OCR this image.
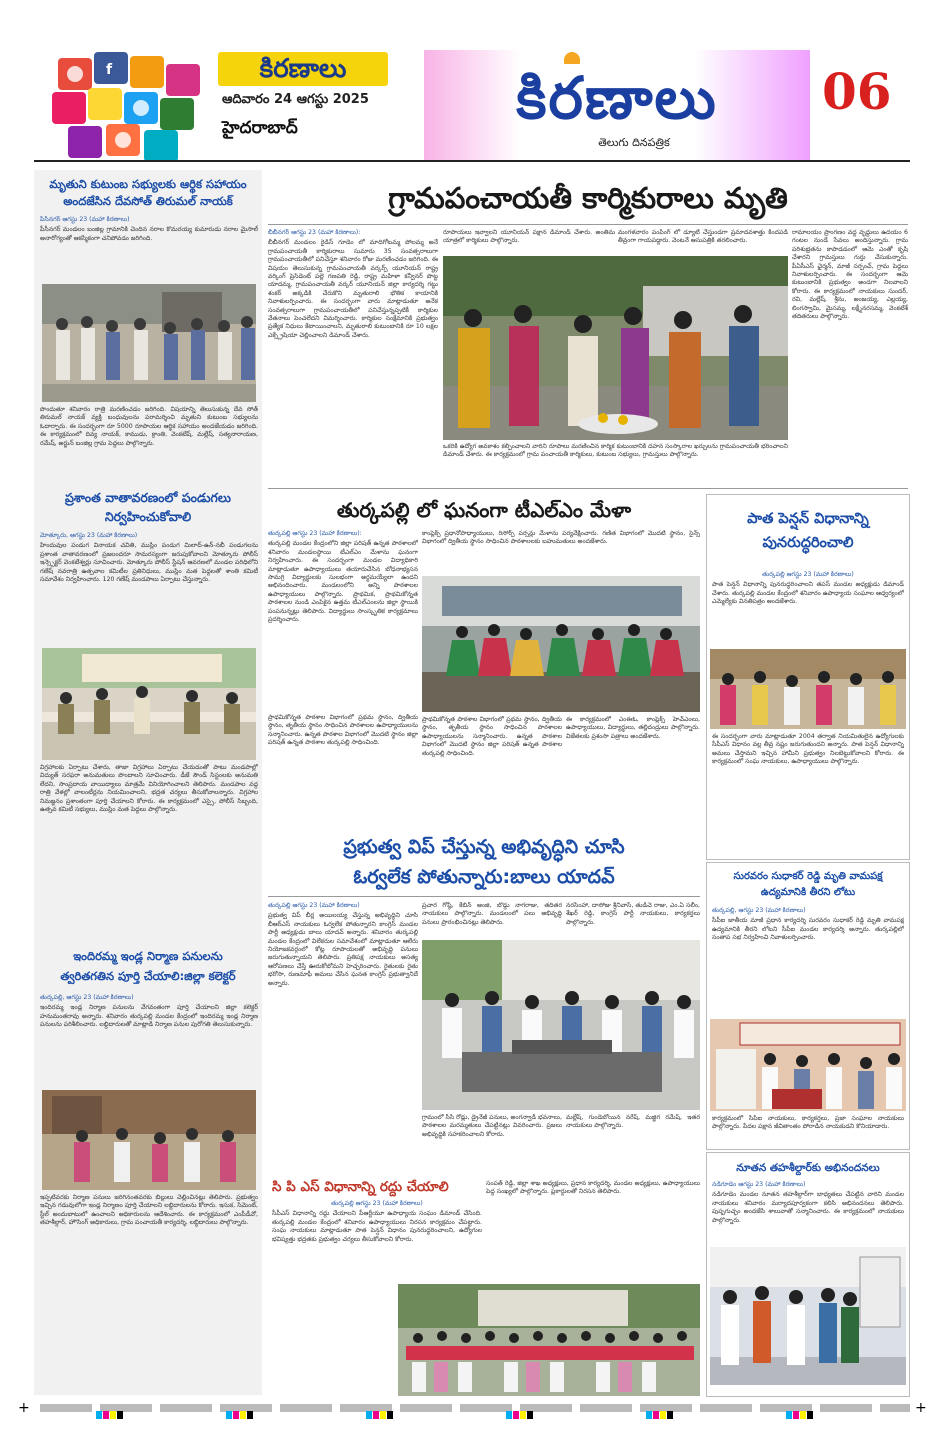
f	కిరణాలు
ఆదివారం 24 ఆగస్టు 2025
హైదరాబాద్	కిరణాలు
తెలుగు దినపత్రిక
06
మృతుని కుటుంబ సభ్యులకు ఆర్థిక సహాయం
అందజేసిన దేవసోత్ తిరుమల్ నాయక్
పీసీనగర్ ఆగస్టు 23 (మహా కిరణాలు)
పీసీనగర్ మండలం బంజిల్ల గ్రామానికి చెందిన నరాల కొమరయ్య కుమారుడు నరాల మైసాల్ అనారోగ్యంతో ఆకస్మికంగా చనిపోవడం జరిగింది.
పొందుతూ శనివారం రాత్రి మరణించడం జరిగింది. విషయాన్ని తెలుసుకున్న దేవ సోత్ తిరుమల్ నాయక్ వ్యక్తి బంధువులను పరామర్శించి మృతుని కుటుంబ సభ్యులను ఓదార్చారు. ఈ సందర్భంగా రూ 5000 రూపాయల ఆర్థిక సహాయం అందజేయడం జరిగింది. ఈ కార్యక్రమంలో దివ్య నాయక్, కాముడు, క్రాంతి, వెంకటేష్, మల్లేష్, సత్యనారాయణ, రమేష్, అర్జున్ బంజిల్ల గ్రామ పెద్దలు పాల్గొన్నారు.
ప్రశాంత వాతావరణంలో పండుగలు
నిర్వహించుకోవాలి
మోత్కూరు, ఆగస్టు 23 (మహా కిరణాలు)
హిందువుల పండుగ వినాయక చవితి, ముస్లిం పండుగ మిలాద్-ఉన్-నబీ పండుగలను ప్రశాంత వాతావరణంలో ప్రజలందరూ సామరస్యంగా జరుపుకోవాలని మోత్కూరు పోలీస్ ఇన్స్పెక్టర్ వెంకటేశ్వర్లు సూచించారు. మోత్కూరు పోలీస్ స్టేషన్ ఆవరణలో మండల పరిధిలోని గణేష్ నవరాత్రి ఉత్సవాల కమిటీల ప్రతినిధులు, ముస్లిం మత పెద్దలతో శాంతి కమిటీ సమావేశం నిర్వహించారు. 120 గణేష్ మండపాలు ఏర్పాటు చేస్తున్నారు.
విగ్రహాలకు ఏర్పాటు చేశారు, తాజా విగ్రహాలు ఏర్పాటు చేయడంతో పాటు మండపాల్లో విద్యుత్ సరఫరా అనుమతులు పొందాలని సూచించారు. డీజే సౌండ్ సిస్టంలకు అనుమతి లేదని, సాంప్రదాయ వాయిద్యాలు మాత్రమే వినియోగించాలని తెలిపారు. మండపాల వద్ద రాత్రి వేళల్లో వాలంటీర్లను నియమించాలని, భద్రత చర్యలు తీసుకోవాలన్నారు. విగ్రహాల నిమజ్జనం ప్రశాంతంగా పూర్తి చేయాలని కోరారు. ఈ కార్యక్రమంలో ఎస్సై, పోలీస్ సిబ్బంది, ఉత్సవ కమిటీ సభ్యులు, ముస్లిం మత పెద్దలు పాల్గొన్నారు.
ఇందిరమ్మ ఇండ్ల నిర్మాణ పనులను
త్వరితగతిన పూర్తి చేయాలి:జిల్లా కలెక్టర్
తుర్కపల్లి, ఆగస్టు 23 (మహా కిరణాలు)
ఇందిరమ్మ ఇండ్ల నిర్మాణ పనులను వేగవంతంగా పూర్తి చేయాలని జిల్లా కలెక్టర్ హనుమంతరావు అన్నారు. శనివారం తుర్కపల్లి మండల కేంద్రంలో ఇందిరమ్మ ఇండ్ల నిర్మాణ పనులను పరిశీలించారు. లబ్ధిదారులతో మాట్లాడి నిర్మాణ పనుల పురోగతి తెలుసుకున్నారు.
ఇప్పటివరకు నిర్మాణ పనులు జరిగినంతవరకు బిల్లులు చెల్లించినట్లు తెలిపారు. ప్రభుత్వం ఇచ్చిన గడువులోగా ఇండ్ల నిర్మాణం పూర్తి చేయాలని లబ్ధిదారులను కోరారు. ఇసుక, సిమెంట్, స్టీల్ అందుబాటులో ఉంచాలని అధికారులను ఆదేశించారు. ఈ కార్యక్రమంలో ఎంపీడీవో, తహశీల్దార్, హౌసింగ్ అధికారులు, గ్రామ పంచాయతీ కార్యదర్శి, లబ్ధిదారులు పాల్గొన్నారు.
గ్రామపంచాయతీ కార్మికురాలు మృతి
బీబీనగర్ ఆగస్టు 23 (మహా కిరణాలు):
బీబీనగర్ మండలం రైడిస్ గూడెం లో మాదిగోటమ్మ పోలమ్మ అనే గ్రామపంచాయతీ కార్మికురాలు సుమారు 35 సంవత్సరాలుగా గ్రామపంచాయతీలో పనిచేస్తూ శనివారం రోజు మరణించడం జరిగింది. ఈ విషయం తెలుసుకున్న గ్రామపంచాయతీ వర్కర్స్ యూనియన్ రాష్ట్ర వర్కింగ్ ప్రెసిడెంట్ పల్లె గణపతి రెడ్డి, రాష్ట్ర మహిళా కన్వీనర్ పొట్ట యాదమ్మ, గ్రామపంచాయతీ వర్కర్ యూనియన్ జిల్లా కార్యదర్శి గట్టు శంకర్ అక్కడికి చేరుకొని మృతురాలి భౌతిక కాయానికి నివాళులర్పించారు. ఈ సందర్భంగా వారు మాట్లాడుతూ అనేక సంవత్సరాలుగా గ్రామపంచాయతీలో పనిచేస్తున్నప్పటికీ కార్మికుల వేతనాలు పెంచలేదని విమర్శించారు. కార్మికుల సంక్షేమానికి ప్రభుత్వం ప్రత్యేక నిధులు కేటాయించాలని, మృతురాలి కుటుంబానికి రూ 10 లక్షల ఎక్స్గ్రేషియా చెల్లించాలని డిమాండ్ చేశారు.
రూపాయలు ఇవ్వాలని యూనియన్ పక్షాన డిమాండ్ చేశారు. అంతిమ యాత్రలో కార్మికులు పాల్గొన్నారు.
మంగళవారం పంపింగ్ లో డ్యూటీ చేస్తుండగా ప్రమాదవశాత్తు కిందపడి తీవ్రంగా గాయపడ్డారు. వెంటనే ఆసుపత్రికి తరలించారు.
ఒకరికి ఉద్యోగ అవకాశం కల్పించాలని వారిని రూపాలు మరణించిన కార్మిక కుటుంబానికి దహన సంస్కారాల ఖర్చులను గ్రామపంచాయతీ భరించాలని డిమాండ్ చేశారు. ఈ కార్యక్రమంలో గ్రామ పంచాయతీ కార్మికులు, కుటుంబ సభ్యులు, గ్రామస్తులు పాల్గొన్నారు.
రామాలయం ప్రాంగణం వద్ద వృద్ధులు ఉదయం 6 గంటల నుండే సేవలు అందిస్తున్నారు. గ్రామ పరిశుభ్రతను కాపాడడంలో ఆమె ఎంతో కృషి చేశారని గ్రామస్తులు గుర్తు చేసుకున్నారు. పీఏసీఎస్ ఛైర్మన్, మాజీ సర్పంచ్, గ్రామ పెద్దలు నివాళులర్పించారు. ఈ సందర్భంగా ఆమె కుటుంబానికి ప్రభుత్వం అండగా నిలవాలని కోరారు. ఈ కార్యక్రమంలో నాయకులు సుందర్, రవి, మల్లేష్, శ్రీను, అంజయ్య, ఎల్లయ్య, లింగస్వామి, మైసమ్మ, లక్ష్మీనరసమ్మ, వెంకటేశ్ తదితరులు పాల్గొన్నారు.
తుర్కపల్లి లో ఘనంగా టీఎల్ఎం మేళా
తుర్కపల్లి ఆగస్టు 23 (మహా కిరణాలు):
తుర్కపల్లి మండల కేంద్రంలోని జిల్లా పరిషత్ ఉన్నత పాఠశాలలో శనివారం మండలస్థాయి టీఎల్ఎం మేళాను ఘనంగా నిర్వహించారు. ఈ సందర్భంగా మండల విద్యాధికారి మాట్లాడుతూ ఉపాధ్యాయులు తయారుచేసిన బోధనాభ్యసన సామగ్రి విద్యార్థులకు సులభంగా అర్థమయ్యేలా ఉందని అభినందించారు. మండలంలోని అన్ని పాఠశాలల ఉపాధ్యాయులు పాల్గొన్నారు. ప్రాథమిక, ప్రాథమికోన్నత పాఠశాలల నుండి ఎంపికైన ఉత్తమ టీఎల్ఎంలను జిల్లా స్థాయికి పంపనున్నట్లు తెలిపారు. విద్యార్థులు సాంస్కృతిక కార్యక్రమాలు ప్రదర్శించారు.
కాంప్లెక్స్ ప్రధానోపాధ్యాయులు, రిసోర్స్ పర్సన్లు మేళాను పర్యవేక్షించారు. గణిత విభాగంలో మొదటి స్థానం, సైన్స్ విభాగంలో ద్వితీయ స్థానం సాధించిన పాఠశాలలకు బహుమతులు అందజేశారు.
ప్రాథమికోన్నత పాఠశాల విభాగంలో ప్రథమ స్థానం, ద్వితీయ స్థానం, తృతీయ స్థానం సాధించిన పాఠశాలల ఉపాధ్యాయులను సన్మానించారు. ఉన్నత పాఠశాల విభాగంలో మొదటి స్థానం జిల్లా పరిషత్ ఉన్నత పాఠశాల తుర్కపల్లి సాధించింది.
ఈ కార్యక్రమంలో ఎంఈఓ, కాంప్లెక్స్ హెచ్ఎంలు, ఉపాధ్యాయులు, విద్యార్థులు, తల్లిదండ్రులు పాల్గొన్నారు. విజేతలకు ప్రశంసా పత్రాలు అందజేశారు.
ప్రాథమికోన్నత పాఠశాల విభాగంలో ప్రథమ స్థానం, ద్వితీయ స్థానం, తృతీయ స్థానం సాధించిన పాఠశాలల ఉపాధ్యాయులను సన్మానించారు. ఉన్నత పాఠశాల విభాగంలో మొదటి స్థానం జిల్లా పరిషత్ ఉన్నత పాఠశాల తుర్కపల్లి సాధించింది.
పాత పెన్షన్ విధానాన్ని
పునరుద్ధరించాలి
తుర్కపల్లి ఆగస్టు 23 (మహా కిరణాలు)
పాత పెన్షన్ విధానాన్ని పునరుద్ధరించాలని తపస్ మండల అధ్యక్షుడు డిమాండ్ చేశారు. తుర్కపల్లి మండల కేంద్రంలో శనివారం ఉపాధ్యాయ సంఘాల ఆధ్వర్యంలో ఎమ్మెల్యేకు వినతిపత్రం అందజేశారు.
ఈ సందర్భంగా వారు మాట్లాడుతూ 2004 తర్వాత నియమితులైన ఉద్యోగులకు సీపీఎస్ విధానం వల్ల తీవ్ర నష్టం జరుగుతుందని అన్నారు. పాత పెన్షన్ విధానాన్ని అమలు చేస్తామని ఇచ్చిన హామీని ప్రభుత్వం నిలబెట్టుకోవాలని కోరారు. ఈ కార్యక్రమంలో సంఘ నాయకులు, ఉపాధ్యాయులు పాల్గొన్నారు.
సురవరం సుధాకర్ రెడ్డి మృతి వామపక్ష
ఉద్యమానికి తీరని లోటు
తుర్కపల్లి, ఆగస్టు 23 (మహా కిరణాలు)
సీపీఐ జాతీయ మాజీ ప్రధాన కార్యదర్శి సురవరం సుధాకర్ రెడ్డి మృతి వామపక్ష ఉద్యమానికి తీరని లోటని సీపీఐ మండల కార్యదర్శి అన్నారు. తుర్కపల్లిలో సంతాప సభ నిర్వహించి నివాళులర్పించారు.
కార్యక్రమంలో సీపీఐ నాయకులు, కార్యకర్తలు, ప్రజా సంఘాల నాయకులు పాల్గొన్నారు. పేదల పక్షాన జీవితాంతం పోరాడిన నాయకుడని కొనియాడారు.
నూతన తహశీల్దార్‌కు అభినందనలు
నడిగూడెం ఆగస్టు 23 (మహా కిరణాలు)
నడిగూడెం మండల నూతన తహశీల్దార్‌గా బాధ్యతలు చేపట్టిన వారిని మండల నాయకులు శనివారం మర్యాదపూర్వకంగా కలిసి అభినందనలు తెలిపారు. పుష్పగుచ్ఛం అందజేసి శాలువాతో సన్మానించారు. ఈ కార్యక్రమంలో నాయకులు పాల్గొన్నారు.
ప్రభుత్వ విప్ చేస్తున్న అభివృద్ధిని చూసి
ఓర్వలేక పోతున్నారు:బాలు యాదవ్
తుర్కపల్లి ఆగస్టు 23 (మహా కిరణాలు)
ప్రభుత్వ విప్ బీర్ల అయిలయ్య చేస్తున్న అభివృద్ధిని చూసి బీఆర్ఎస్ నాయకులు ఓర్వలేక పోతున్నారని కాంగ్రెస్ మండల పార్టీ అధ్యక్షుడు బాలు యాదవ్ అన్నారు. శనివారం తుర్కపల్లి మండల కేంద్రంలో విలేకరుల సమావేశంలో మాట్లాడుతూ ఆలేరు నియోజకవర్గంలో కోట్ల రూపాయలతో అభివృద్ధి పనులు జరుగుతున్నాయని తెలిపారు. ప్రతిపక్ష నాయకులు అసత్య ఆరోపణలు చేస్తే ఊరుకోబోమని హెచ్చరించారు. రైతులకు రైతు భరోసా, రుణమాఫీ అమలు చేసిన ఘనత కాంగ్రెస్ ప్రభుత్వానిదే అన్నారు.
ప్రచార గోష్ఠి, కేబిన్ అంజి, బొడ్డు నాగరాజు, తదితర నాయకులు పాల్గొన్నారు. మండలంలో పలు అభివృద్ధి పనులు ప్రారంభించినట్లు తెలిపారు.
నరసింహా, దాసోజు శ్రీనివాస్, తుడిచె రాజు, ఎం.ఏ సలీం, శేఖర్ రెడ్డి, కాంగ్రెస్ పార్టీ నాయకులు, కార్యకర్తలు పాల్గొన్నారు.
గ్రామంలో సీసీ రోడ్లు, డ్రైనేజీ పనులు, అంగన్వాడీ భవనాలు, పాఠశాలల మరమ్మతులు చేపట్టినట్లు వివరించారు. ప్రజలు అభివృద్ధికి సహకరించాలని కోరారు.
మల్లేష్, గుండెబోయిన నరేష్, మజ్జిగ రమేష్, ఇతర నాయకులు పాల్గొన్నారు.
సి పి ఎస్ విధానాన్ని రద్దు చేయాలి
తుర్కపల్లి ఆగస్టు 23 (మహా కిరణాలు)
సీపీఎస్ విధానాన్ని రద్దు చేయాలని పీఆర్టీయూ ఉపాధ్యాయ సంఘం డిమాండ్ చేసింది. తుర్కపల్లి మండల కేంద్రంలో శనివారం ఉపాధ్యాయులు నిరసన కార్యక్రమం చేపట్టారు. సంఘ నాయకులు మాట్లాడుతూ పాత పెన్షన్ విధానం పునరుద్ధరించాలని, ఉద్యోగుల భవిష్యత్తు భద్రతకు ప్రభుత్వం చర్యలు తీసుకోవాలని కోరారు.
సంపత్ రెడ్డి, జిల్లా శాఖ అధ్యక్షులు, ప్రధాన కార్యదర్శి, మండల అధ్యక్షులు, ఉపాధ్యాయులు పెద్ద సంఖ్యలో పాల్గొన్నారు. ప్లకార్డులతో నిరసన తెలిపారు.
+	+
